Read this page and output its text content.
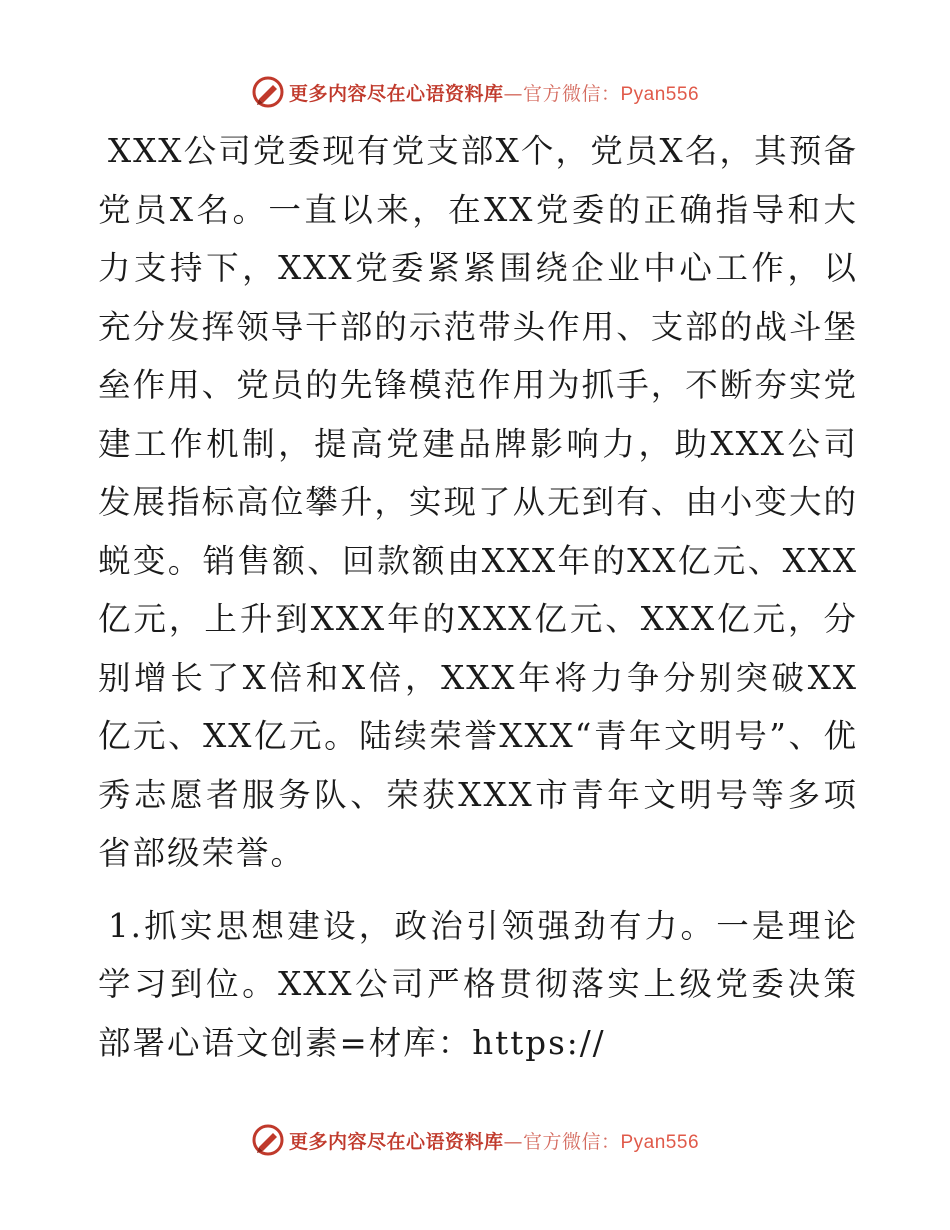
更多内容尽在心语资料库—官方微信：Pyan556

XXX公司党委现有党支部X个，党员X名，其预备党员X名。一直以来，在XX党委的正确指导和大力支持下，XXX党委紧紧围绕企业中心工作，以充分发挥领导干部的示范带头作用、支部的战斗堡垒作用、党员的先锋模范作用为抓手，不断夯实党建工作机制，提高党建品牌影响力，助XXX公司发展指标高位攀升，实现了从无到有、由小变大的蜕变。销售额、回款额由XXX年的XX亿元、XXX亿元，上升到XXX年的XXX亿元、XXX亿元，分别增长了X倍和X倍，XXX年将力争分别突破XX亿元、XX亿元。陆续荣誉XXX“青年文明号”、优秀志愿者服务队、荣获XXX市青年文明号等多项省部级荣誉。

1.抓实思想建设，政治引领强劲有力。一是理论学习到位。XXX公司严格贯彻落实上级党委决策部署心语文创素=材库：https://

更多内容尽在心语资料库—官方微信：Pyan556
